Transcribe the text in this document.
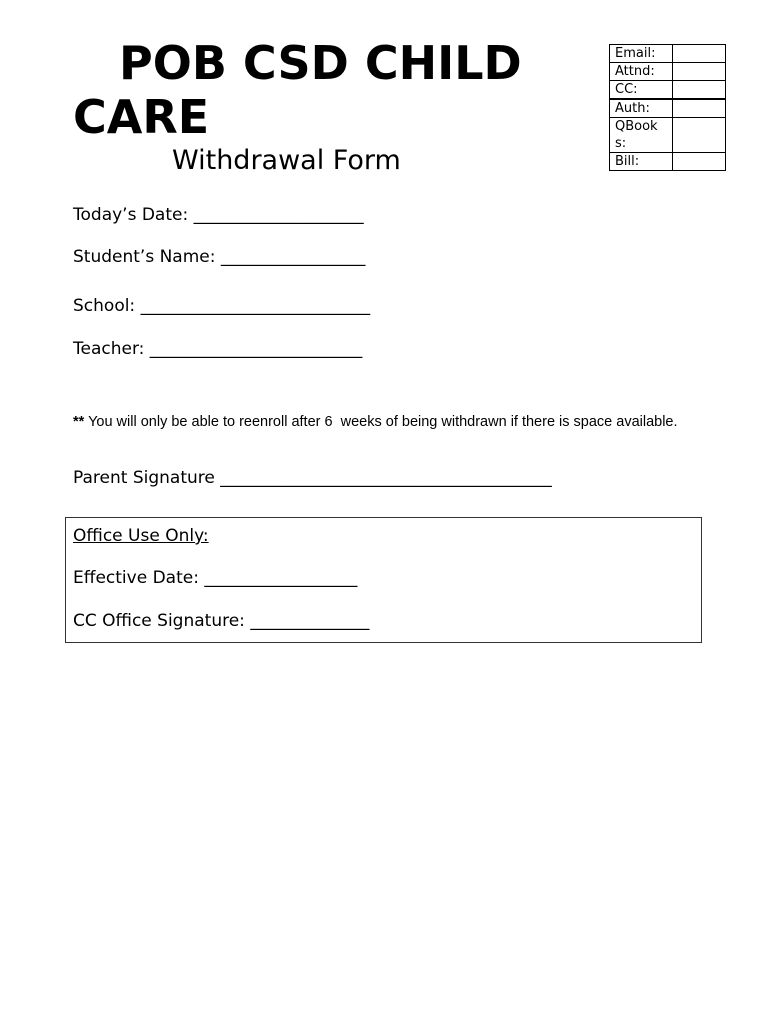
POB CSD CHILD
CARE
Withdrawal Form
Email:	
Attnd:	
CC:	
Auth:	
QBook
s:	
Bill:	
Today’s Date: ____________________
Student’s Name: _________________
School: ___________________________
Teacher: _________________________
** You will only be able to reenroll after 6  weeks of being withdrawn if there is space available.
Parent Signature _______________________________________
Office Use Only:
Effective Date: __________________
CC Office Signature: ______________
